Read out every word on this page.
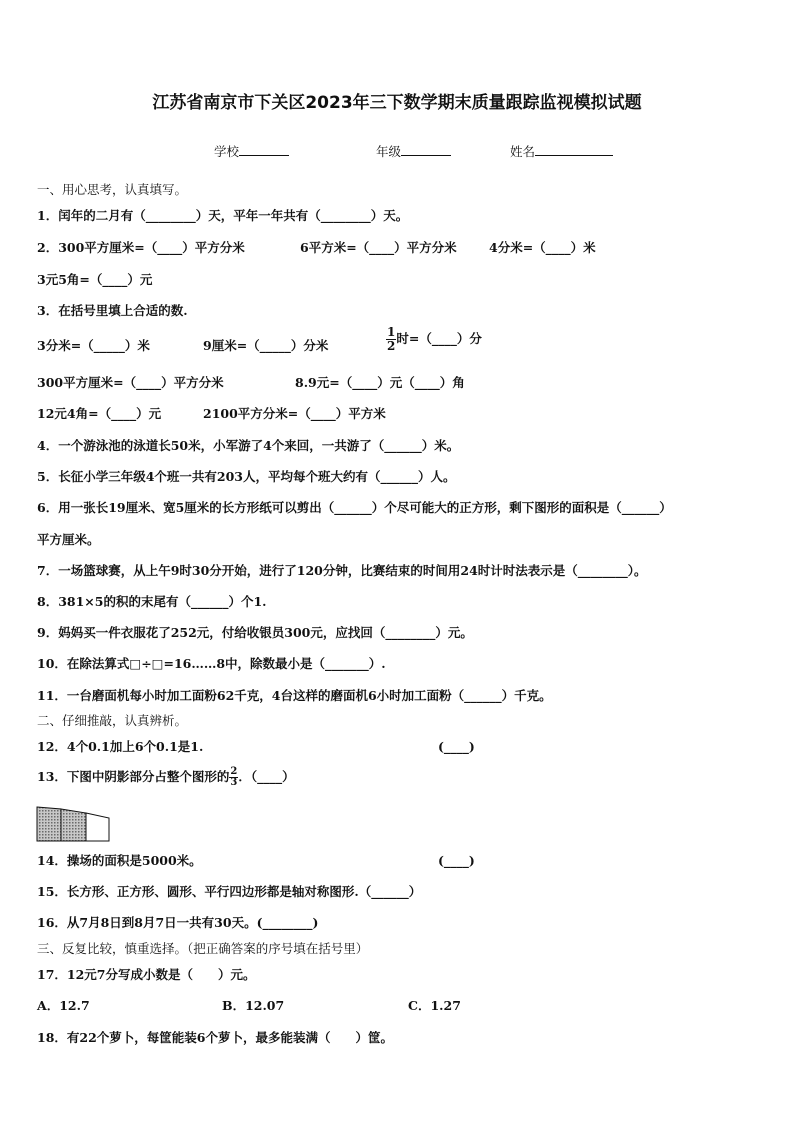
江苏省南京市下关区2023年三下数学期末质量跟踪监视模拟试题
学校	年级	姓名
一、用心思考，认真填写。
1．闰年的二月有（________）天，平年一年共有（________）天。
2．300平方厘米=（____）平方分米	6平方米=（____）平方分米	4分米=（____）米
3元5角=（____）元
3．在括号里填上合适的数.
3分米=（_____）米	9厘米=（_____）分米	$\frac{1}{2}$ 时=（____）分
300平方厘米=（____）平方分米	8.9元=（____）元（____）角
12元4角=（____）元	2100平方分米=（____）平方米
4．一个游泳池的泳道长50米，小军游了4个来回，一共游了（______）米。
5．长征小学三年级4个班一共有203人，平均每个班大约有（______）人。
6．用一张长19厘米、宽5厘米的长方形纸可以剪出（______）个尽可能大的正方形，剩下图形的面积是（______）
平方厘米。
7．一场篮球赛，从上午9时30分开始，进行了120分钟，比赛结束的时间用24时计时法表示是（________）。
8．381×5的积的末尾有（______）个1.
9．妈妈买一件衣服花了252元，付给收银员300元，应找回（________）元。
10．在除法算式□÷□=16……8中，除数最小是（_______）.
11．一台磨面机每小时加工面粉62千克，4台这样的磨面机6小时加工面粉（______）千克。
二、仔细推敲，认真辨析。
12．4个0.1加上6个0.1是1.	(____)
13．下图中阴影部分占整个图形的 $\frac{2}{3}$ ．（____）
14．操场的面积是5000米。	(____)
15．长方形、正方形、圆形、平行四边形都是轴对称图形.（______）
16．从7月8日到8月7日一共有30天。(________)
三、反复比较，慎重选择。（把正确答案的序号填在括号里）
17．12元7分写成小数是（　　）元。
A．12.7	B．12.07	C．1.27
18．有22个萝卜，每筐能装6个萝卜，最多能装满（　　）筐。
